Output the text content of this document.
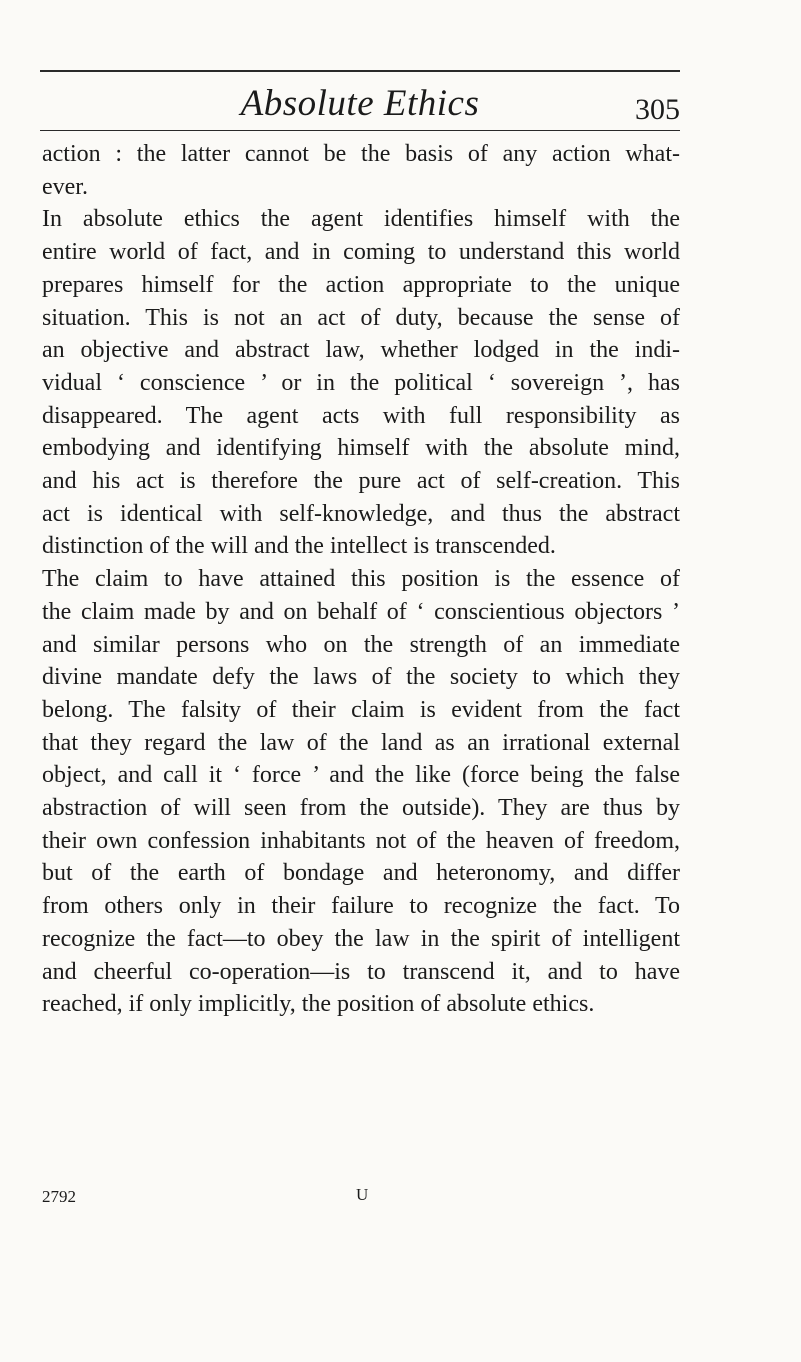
Absolute Ethics	305

action : the latter cannot be the basis of any action what-
ever.

In absolute ethics the agent identifies himself with the
entire world of fact, and in coming to understand this world
prepares himself for the action appropriate to the unique
situation. This is not an act of duty, because the sense of
an objective and abstract law, whether lodged in the indi-
vidual ‘ conscience ’ or in the political ‘ sovereign ’, has
disappeared. The agent acts with full responsibility as
embodying and identifying himself with the absolute mind,
and his act is therefore the pure act of self-creation. This
act is identical with self-knowledge, and thus the abstract
distinction of the will and the intellect is transcended.

The claim to have attained this position is the essence of
the claim made by and on behalf of ‘ conscientious objectors ’
and similar persons who on the strength of an immediate
divine mandate defy the laws of the society to which they
belong. The falsity of their claim is evident from the fact
that they regard the law of the land as an irrational external
object, and call it ‘ force ’ and the like (force being the false
abstraction of will seen from the outside). They are thus by
their own confession inhabitants not of the heaven of freedom,
but of the earth of bondage and heteronomy, and differ
from others only in their failure to recognize the fact. To
recognize the fact—to obey the law in the spirit of intelligent
and cheerful co-operation—is to transcend it, and to have
reached, if only implicitly, the position of absolute ethics.

2792	U
